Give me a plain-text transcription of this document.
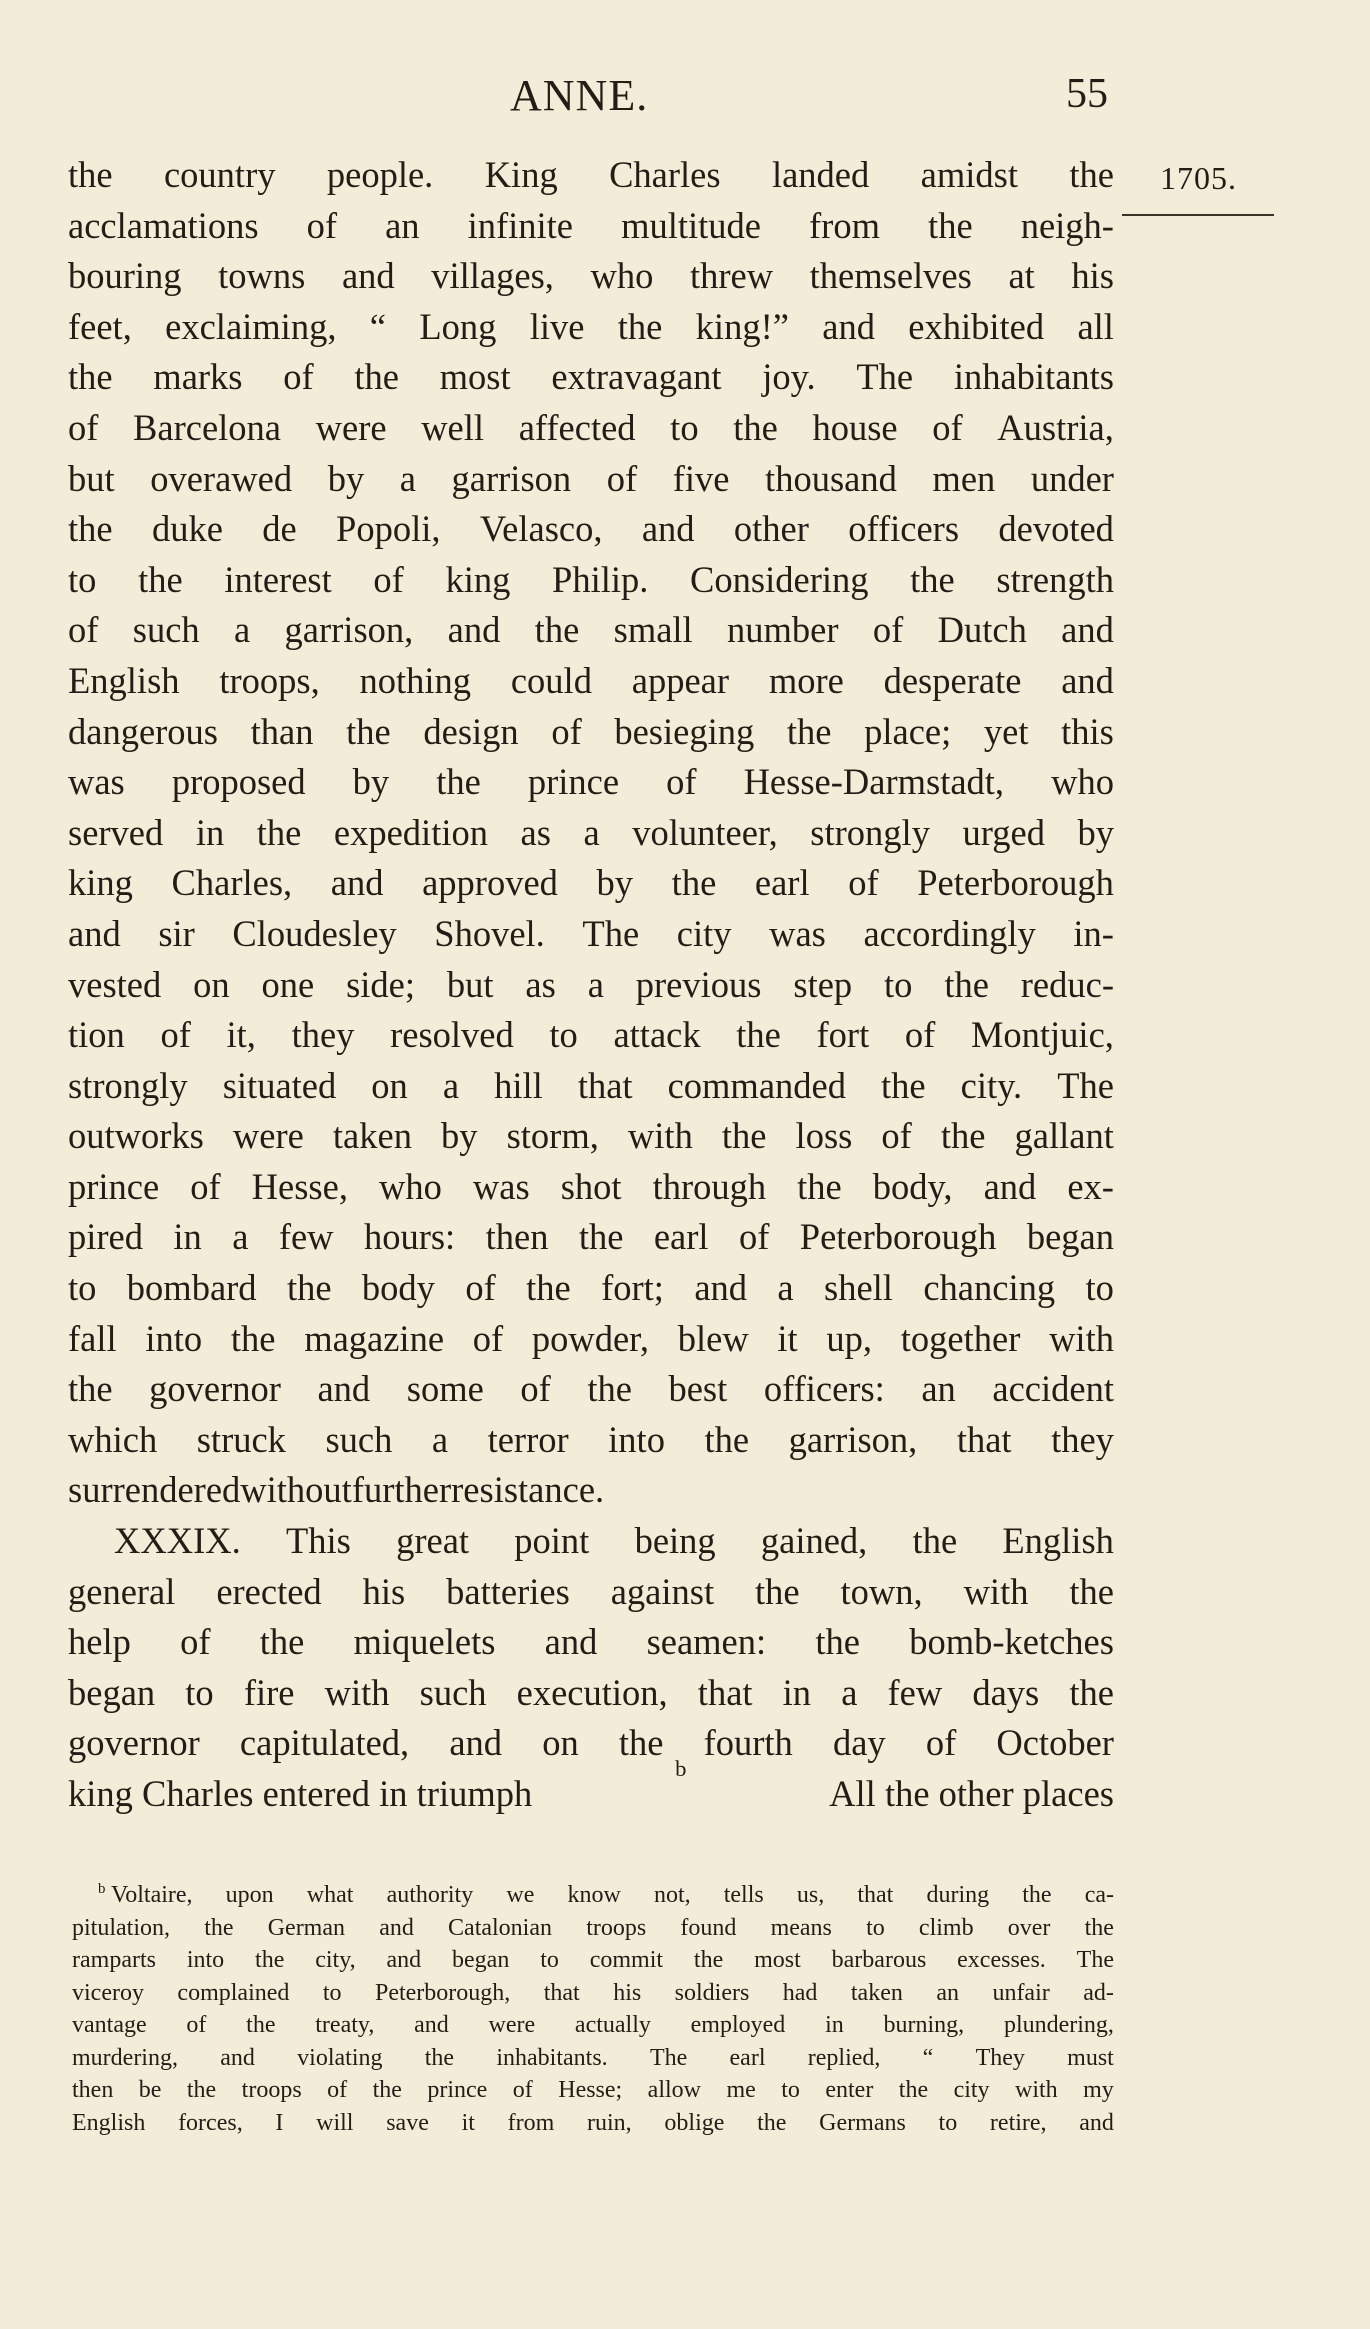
ANNE.	55
1705.
the country people. King Charles landed amidst the
acclamations of an infinite multitude from the neigh-
bouring towns and villages, who threw themselves at his
feet, exclaiming, “ Long live the king!” and exhibited all
the marks of the most extravagant joy. The inhabitants
of Barcelona were well affected to the house of Austria,
but overawed by a garrison of five thousand men under
the duke de Popoli, Velasco, and other officers devoted
to the interest of king Philip. Considering the strength
of such a garrison, and the small number of Dutch and
English troops, nothing could appear more desperate and
dangerous than the design of besieging the place; yet this
was proposed by the prince of Hesse-Darmstadt, who
served in the expedition as a volunteer, strongly urged by
king Charles, and approved by the earl of Peterborough
and sir Cloudesley Shovel. The city was accordingly in-
vested on one side; but as a previous step to the reduc-
tion of it, they resolved to attack the fort of Montjuic,
strongly situated on a hill that commanded the city. The
outworks were taken by storm, with the loss of the gallant
prince of Hesse, who was shot through the body, and ex-
pired in a few hours: then the earl of Peterborough began
to bombard the body of the fort; and a shell chancing to
fall into the magazine of powder, blew it up, together with
the governor and some of the best officers: an accident
which struck such a terror into the garrison, that they
surrendered without further resistance.
XXXIX. This great point being gained, the English
general erected his batteries against the town, with the
help of the miquelets and seamen: the bomb-ketches
began to fire with such execution, that in a few days the
governor capitulated, and on the fourth day of October
king Charles entered in triumph
b
All the other places
$^b$ Voltaire, upon what authority we know not, tells us, that during the ca-
pitulation, the German and Catalonian troops found means to climb over the
ramparts into the city, and began to commit the most barbarous excesses. The
viceroy complained to Peterborough, that his soldiers had taken an unfair ad-
vantage of the treaty, and were actually employed in burning, plundering,
murdering, and violating the inhabitants. The earl replied, “ They must
then be the troops of the prince of Hesse; allow me to enter the city with my
English forces, I will save it from ruin, oblige the Germans to retire, and
